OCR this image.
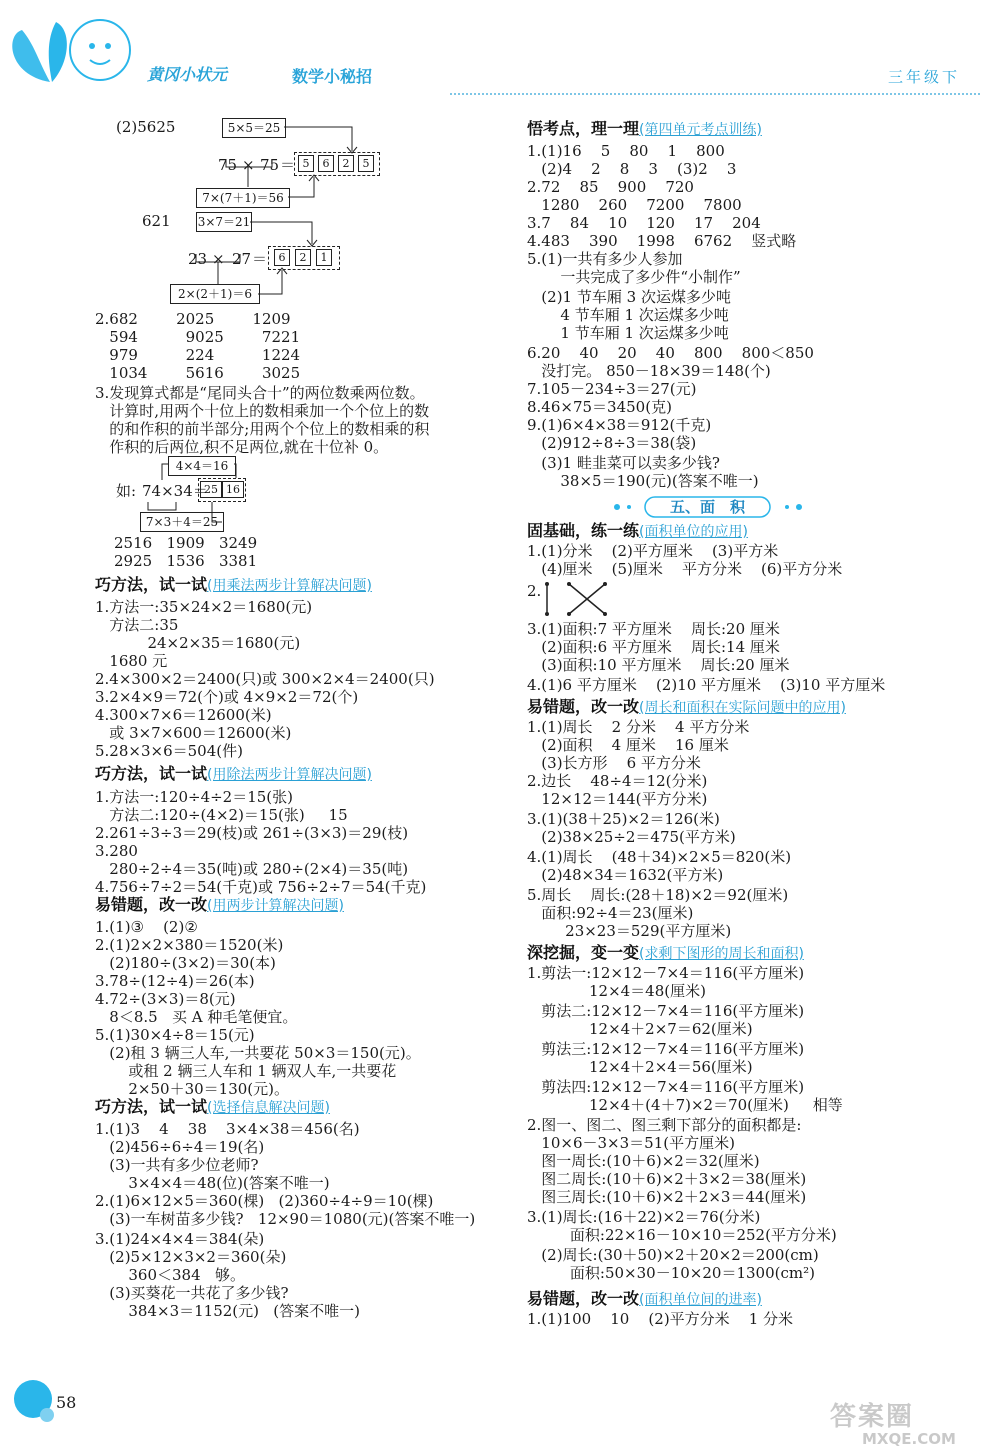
黄冈小状元	数学小秘招	三年级下
(2)5625	5×5＝25
75 × 75 ＝ 5	6	2	5
7×(7＋1)＝56
621 3×7＝21
23 × 27 ＝	6	2	1
2×(2＋1)＝6
4×4＝16
如: 74×34＝
25 16
7×3＋4＝25
2.682        2025        1209
594          9025        7221
979          224          1224
1034        5616        3025
3.发现算式都是“尾同头合十”的两位数乘两位数。
计算时,用两个十位上的数相乘加一个个位上的数
的和作积的前半部分;用两个个位上的数相乘的积
作积的后两位,积不足两位,就在十位补 0。
2516   1909   3249
2925   1536   3381
1.方法一:35×24×2＝1680(元)
方法二:35
24×2×35＝1680(元)
1680 元
2.4×300×2＝2400(只)或 300×2×4＝2400(只)
3.2×4×9＝72(个)或 4×9×2＝72(个)
4.300×7×6＝12600(米)
或 3×7×600＝12600(米)
5.28×3×6＝504(件)
1.方法一:120÷4÷2＝15(张)
方法二:120÷(4×2)＝15(张)     15
2.261÷3÷3＝29(枝)或 261÷(3×3)＝29(枝)
3.280
280÷2÷4＝35(吨)或 280÷(2×4)＝35(吨)
4.756÷7÷2＝54(千克)或 756÷2÷7＝54(千克)
1.(1)③    (2)②
2.(1)2×2×380＝1520(米)
(2)180÷(3×2)＝30(本)
3.78÷(12÷4)＝26(本)
4.72÷(3×3)＝8(元)
8＜8.5   买 A 种毛笔便宜。
5.(1)30×4÷8＝15(元)
(2)租 3 辆三人车,一共要花 50×3＝150(元)。
或租 2 辆三人车和 1 辆双人车,一共要花
2×50＋30＝130(元)。
1.(1)3    4    38    3×4×38＝456(名)
(2)456÷6÷4＝19(名)
(3)一共有多少位老师?
3×4×4＝48(位)(答案不唯一)
2.(1)6×12×5＝360(棵)   (2)360÷4÷9＝10(棵)
(3)一车树苗多少钱?   12×90＝1080(元)(答案不唯一)
3.(1)24×4×4＝384(朵)
(2)5×12×3×2＝360(朵)
360＜384   够。
(3)买葵花一共花了多少钱?
384×3＝1152(元)   (答案不唯一)
巧方法，试一试(用乘法两步计算解决问题)
巧方法，试一试(用除法两步计算解决问题)
易错题，改一改(用两步计算解决问题)
巧方法，试一试(选择信息解决问题)
悟考点，理一理(第四单元考点训练)
固基础，练一练(面积单位的应用)
易错题，改一改(周长和面积在实际问题中的应用)
深挖掘，变一变(求剩下图形的周长和面积)
易错题，改一改(面积单位间的进率)
五、面　积
1.(1)16    5    80    1    800
(2)4    2    8    3    (3)2    3
2.72    85    900    720
1280    260    7200    7800
3.7    84    10    120    17    204
4.483    390    1998    6762    竖式略
5.(1)一共有多少人参加
一共完成了多少件“小制作”
(2)1 节车厢 3 次运煤多少吨
4 节车厢 1 次运煤多少吨
1 节车厢 1 次运煤多少吨
6.20    40    20    40    800    800＜850
没打完。 850－18×39＝148(个)
7.105－234÷3＝27(元)
8.46×75＝3450(克)
9.(1)6×4×38＝912(千克)
(2)912÷8÷3＝38(袋)
(3)1 畦韭菜可以卖多少钱?
38×5＝190(元)(答案不唯一)
1.(1)分米    (2)平方厘米    (3)平方米
(4)厘米    (5)厘米    平方分米    (6)平方分米
2.
3.(1)面积:7 平方厘米    周长:20 厘米
(2)面积:6 平方厘米    周长:14 厘米
(3)面积:10 平方厘米    周长:20 厘米
4.(1)6 平方厘米    (2)10 平方厘米    (3)10 平方厘米
1.(1)周长    2 分米    4 平方分米
(2)面积    4 厘米    16 厘米
(3)长方形    6 平方分米
2.边长    48÷4＝12(分米)
12×12＝144(平方分米)
3.(1)(38＋25)×2＝126(米)
(2)38×25÷2＝475(平方米)
4.(1)周长    (48＋34)×2×5＝820(米)
(2)48×34＝1632(平方米)
5.周长    周长:(28＋18)×2＝92(厘米)
面积:92÷4＝23(厘米)
23×23＝529(平方厘米)
1.剪法一:12×12－7×4＝116(平方厘米)
12×4＝48(厘米)
剪法二:12×12－7×4＝116(平方厘米)
12×4＋2×7＝62(厘米)
剪法三:12×12－7×4＝116(平方厘米)
12×4＋2×4＝56(厘米)
剪法四:12×12－7×4＝116(平方厘米)
12×4＋(4＋7)×2＝70(厘米)     相等
2.图一、图二、图三剩下部分的面积都是:
10×6－3×3＝51(平方厘米)
图一周长:(10＋6)×2＝32(厘米)
图二周长:(10＋6)×2＋3×2＝38(厘米)
图三周长:(10＋6)×2＋2×3＝44(厘米)
3.(1)周长:(16＋22)×2＝76(分米)
面积:22×16－10×10＝252(平方分米)
(2)周长:(30＋50)×2＋20×2＝200(cm)
面积:50×30－10×20＝1300(cm²)
1.(1)100    10    (2)平方分米    1 分米
58	答案圈
MXQE.COM
